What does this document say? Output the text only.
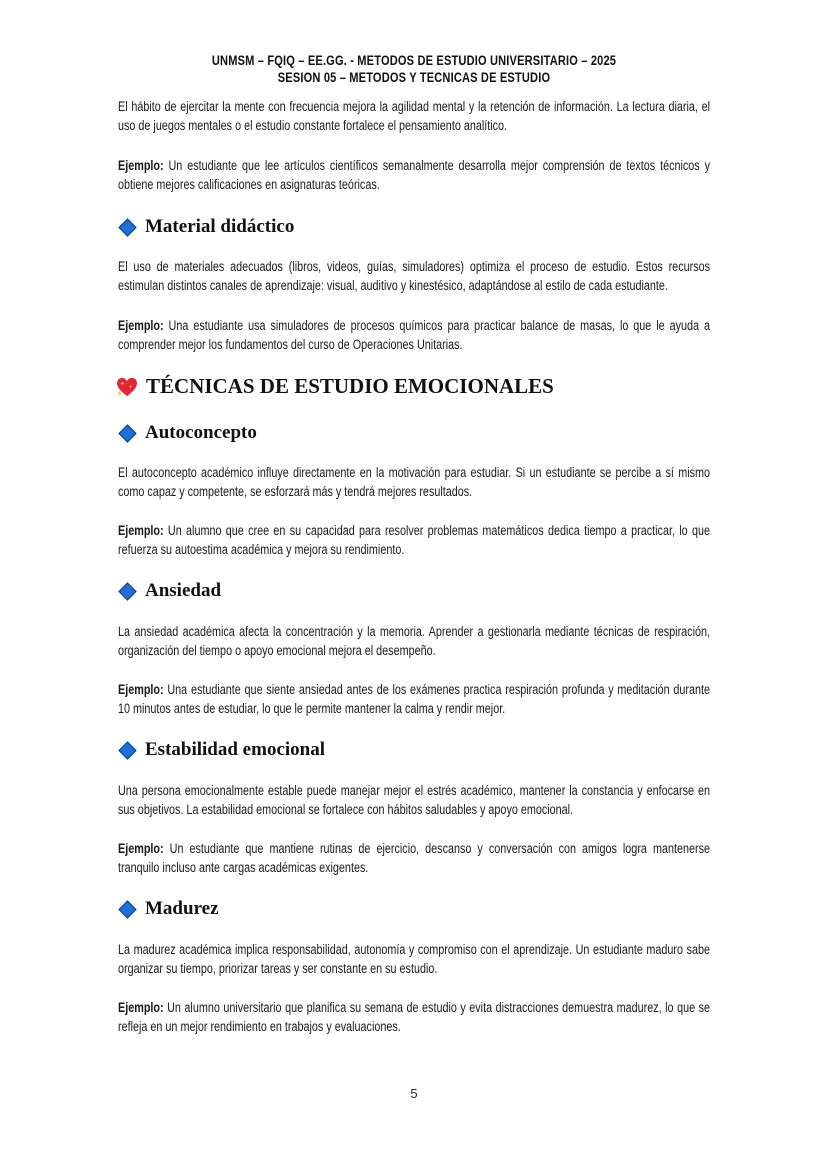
UNMSM – FQIQ – EE.GG. - METODOS DE ESTUDIO UNIVERSITARIO – 2025
SESION 05 – METODOS Y TECNICAS DE ESTUDIO
El hábito de ejercitar la mente con frecuencia mejora la agilidad mental y la retención de información. La lectura diaria, el uso de juegos mentales o el estudio constante fortalece el pensamiento analítico.
Ejemplo: Un estudiante que lee artículos científicos semanalmente desarrolla mejor comprensión de textos técnicos y obtiene mejores calificaciones en asignaturas teóricas.
Material didáctico
El uso de materiales adecuados (libros, videos, guías, simuladores) optimiza el proceso de estudio. Estos recursos estimulan distintos canales de aprendizaje: visual, auditivo y kinestésico, adaptándose al estilo de cada estudiante.
Ejemplo: Una estudiante usa simuladores de procesos químicos para practicar balance de masas, lo que le ayuda a comprender mejor los fundamentos del curso de Operaciones Unitarias.
TÉCNICAS DE ESTUDIO EMOCIONALES
Autoconcepto
El autoconcepto académico influye directamente en la motivación para estudiar. Si un estudiante se percibe a sí mismo como capaz y competente, se esforzará más y tendrá mejores resultados.
Ejemplo: Un alumno que cree en su capacidad para resolver problemas matemáticos dedica tiempo a practicar, lo que refuerza su autoestima académica y mejora su rendimiento.
Ansiedad
La ansiedad académica afecta la concentración y la memoria. Aprender a gestionarla mediante técnicas de respiración, organización del tiempo o apoyo emocional mejora el desempeño.
Ejemplo: Una estudiante que siente ansiedad antes de los exámenes practica respiración profunda y meditación durante 10 minutos antes de estudiar, lo que le permite mantener la calma y rendir mejor.
Estabilidad emocional
Una persona emocionalmente estable puede manejar mejor el estrés académico, mantener la constancia y enfocarse en sus objetivos. La estabilidad emocional se fortalece con hábitos saludables y apoyo emocional.
Ejemplo: Un estudiante que mantiene rutinas de ejercicio, descanso y conversación con amigos logra mantenerse tranquilo incluso ante cargas académicas exigentes.
Madurez
La madurez académica implica responsabilidad, autonomía y compromiso con el aprendizaje. Un estudiante maduro sabe organizar su tiempo, priorizar tareas y ser constante en su estudio.
Ejemplo: Un alumno universitario que planifica su semana de estudio y evita distracciones demuestra madurez, lo que se refleja en un mejor rendimiento en trabajos y evaluaciones.
5
